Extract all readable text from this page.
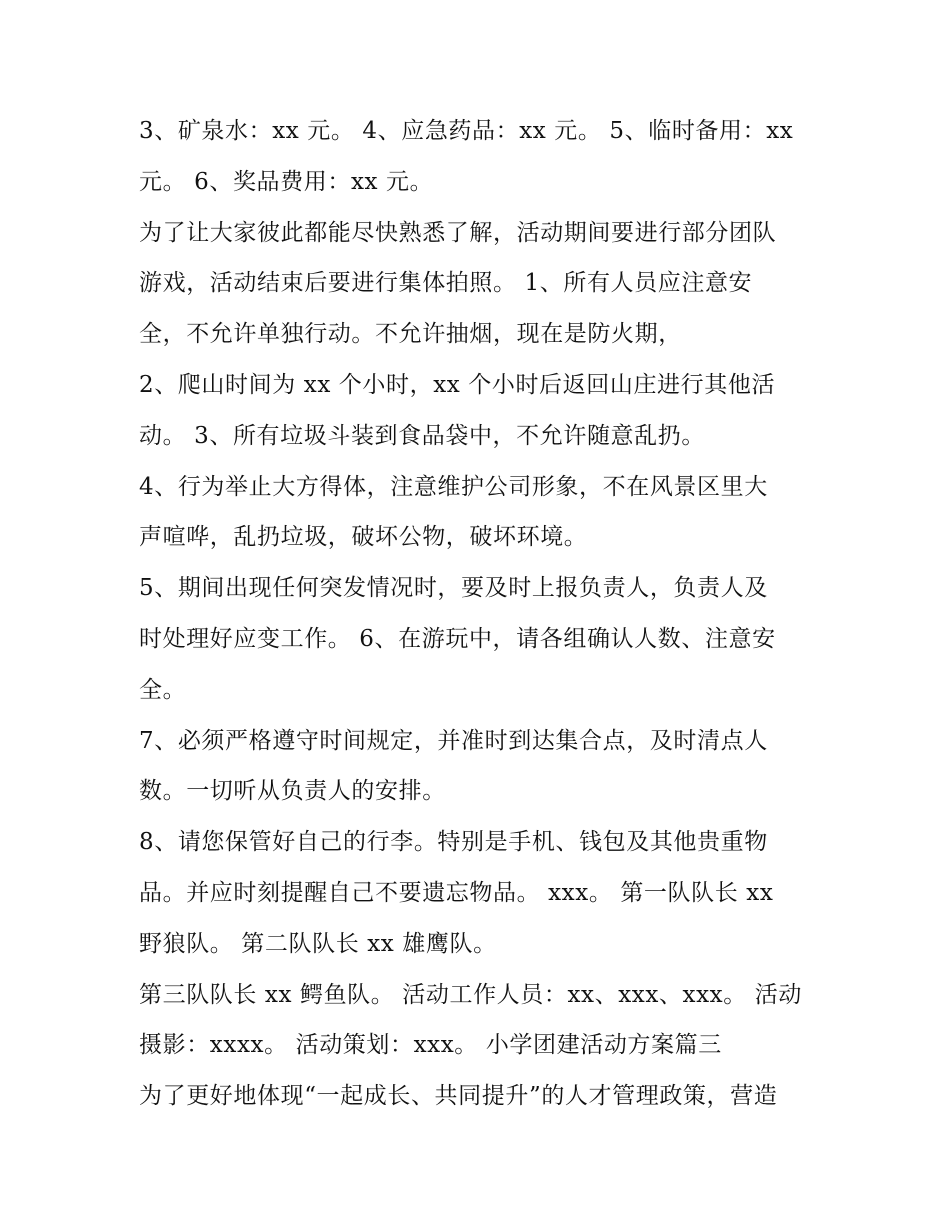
3、矿泉水：xx 元。 4、应急药品：xx 元。 5、临时备用：xx
元。 6、奖品费用：xx 元。
为了让大家彼此都能尽快熟悉了解，活动期间要进行部分团队
游戏，活动结束后要进行集体拍照。 1、所有人员应注意安
全，不允许单独行动。不允许抽烟，现在是防火期，
2、爬山时间为 xx 个小时，xx 个小时后返回山庄进行其他活
动。 3、所有垃圾斗装到食品袋中，不允许随意乱扔。
4、行为举止大方得体，注意维护公司形象，不在风景区里大
声喧哗，乱扔垃圾，破坏公物，破坏环境。
5、期间出现任何突发情况时，要及时上报负责人，负责人及
时处理好应变工作。 6、在游玩中，请各组确认人数、注意安
全。
7、必须严格遵守时间规定，并准时到达集合点，及时清点人
数。一切听从负责人的安排。
8、请您保管好自己的行李。特别是手机、钱包及其他贵重物
品。并应时刻提醒自己不要遗忘物品。 xxx。 第一队队长 xx
野狼队。 第二队队长 xx 雄鹰队。
第三队队长 xx 鳄鱼队。 活动工作人员：xx、xxx、xxx。 活动
摄影：xxxx。 活动策划：xxx。 小学团建活动方案篇三
为了更好地体现“一起成长、共同提升”的人才管理政策，营造
